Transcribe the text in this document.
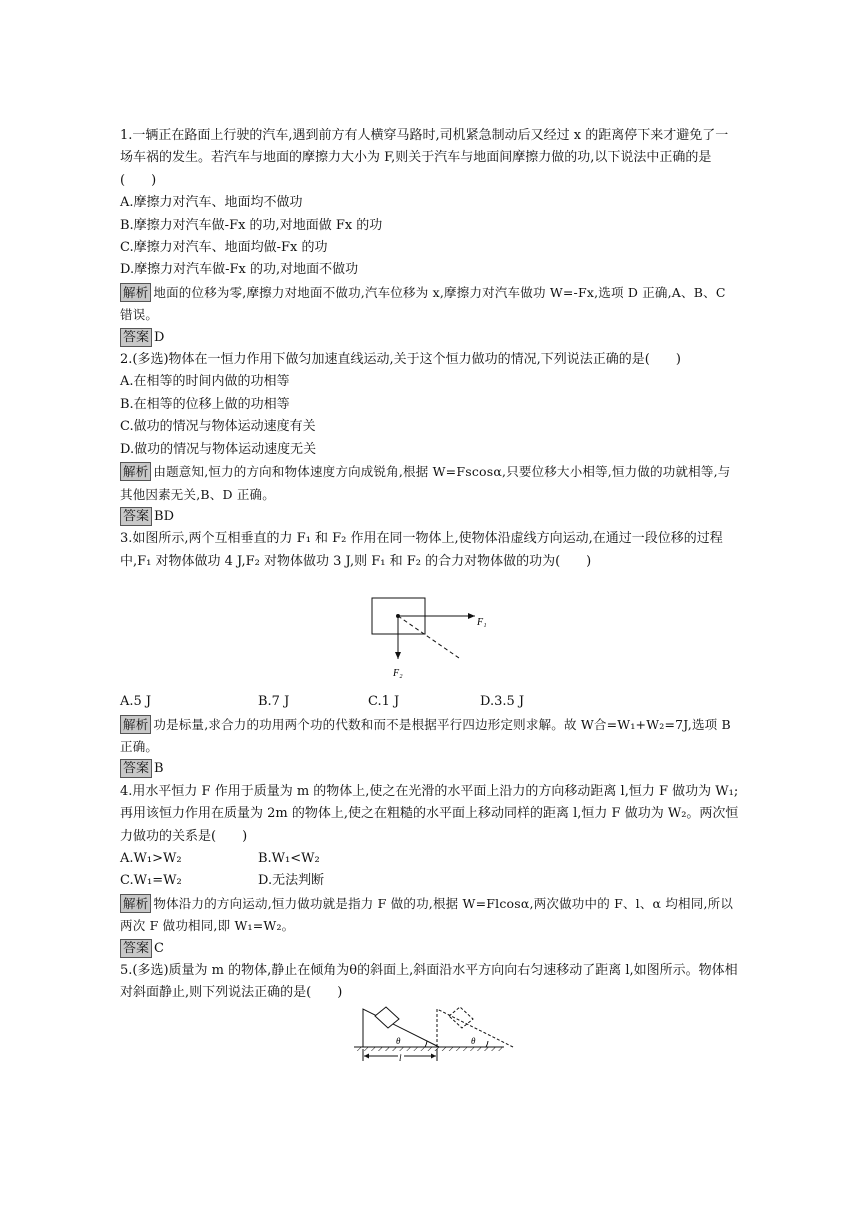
1.一辆正在路面上行驶的汽车,遇到前方有人横穿马路时,司机紧急制动后又经过 x 的距离停下来才避免了一场车祸的发生。若汽车与地面的摩擦力大小为 F,则关于汽车与地面间摩擦力做的功,以下说法中正确的是(　　)

A.摩擦力对汽车、地面均不做功

B.摩擦力对汽车做-Fx 的功,对地面做 Fx 的功

C.摩擦力对汽车、地面均做-Fx 的功

D.摩擦力对汽车做-Fx 的功,对地面不做功

解析 地面的位移为零,摩擦力对地面不做功,汽车位移为 x,摩擦力对汽车做功 W=-Fx,选项 D 正确,A、B、C 错误。

答案 D

2.(多选)物体在一恒力作用下做匀加速直线运动,关于这个恒力做功的情况,下列说法正确的是(　　)

A.在相等的时间内做的功相等

B.在相等的位移上做的功相等

C.做功的情况与物体运动速度有关

D.做功的情况与物体运动速度无关

解析 由题意知,恒力的方向和物体速度方向成锐角,根据 W=Fscosα,只要位移大小相等,恒力做的功就相等,与其他因素无关,B、D 正确。

答案 BD

3.如图所示,两个互相垂直的力 F₁ 和 F₂ 作用在同一物体上,使物体沿虚线方向运动,在通过一段位移的过程中,F₁ 对物体做功 4 J,F₂ 对物体做功 3 J,则 F₁ 和 F₂ 的合力对物体做的功为(　　)

F₁
F₂
A.5 J	B.7 J	C.1 J	D.3.5 J

解析 功是标量,求合力的功用两个功的代数和而不是根据平行四边形定则求解。故 W合=W₁+W₂=7J,选项 B 正确。

答案 B

4.用水平恒力 F 作用于质量为 m 的物体上,使之在光滑的水平面上沿力的方向移动距离 l,恒力 F 做功为 W₁;再用该恒力作用在质量为 2m 的物体上,使之在粗糙的水平面上移动同样的距离 l,恒力 F 做功为 W₂。两次恒力做功的关系是(　　)

A.W₁>W₂	B.W₁<W₂
C.W₁=W₂	D.无法判断

解析 物体沿力的方向运动,恒力做功就是指力 F 做的功,根据 W=Flcosα,两次做功中的 F、l、α 均相同,所以两次 F 做功相同,即 W₁=W₂。

答案 C

5.(多选)质量为 m 的物体,静止在倾角为θ的斜面上,斜面沿水平方向向右匀速移动了距离 l,如图所示。物体相对斜面静止,则下列说法正确的是(　　)

θ	θ
l
